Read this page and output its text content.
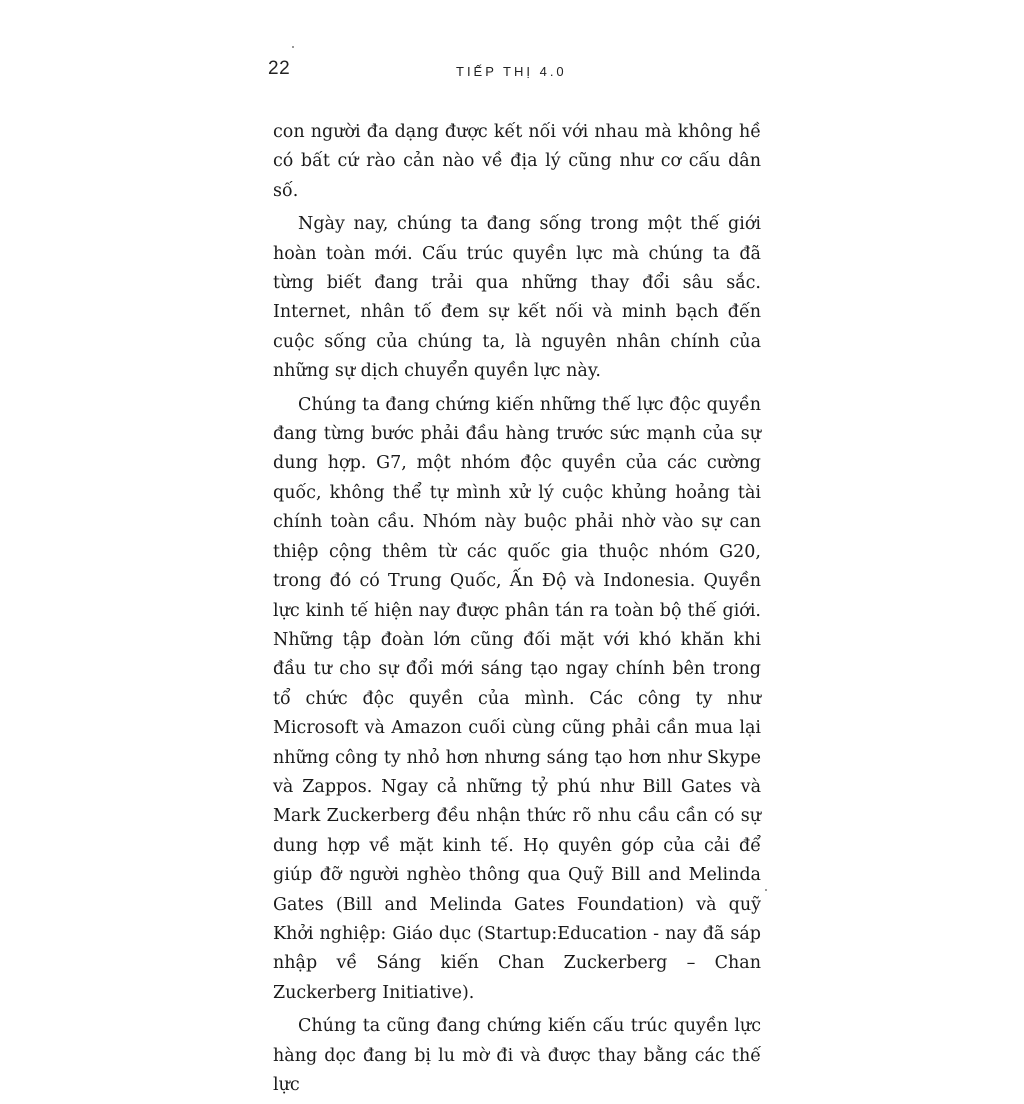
22	TIẾP THỊ 4.0

con người đa dạng được kết nối với nhau mà không hề có bất cứ rào cản nào về địa lý cũng như cơ cấu dân số.

Ngày nay, chúng ta đang sống trong một thế giới hoàn toàn mới. Cấu trúc quyền lực mà chúng ta đã từng biết đang trải qua những thay đổi sâu sắc. Internet, nhân tố đem sự kết nối và minh bạch đến cuộc sống của chúng ta, là nguyên nhân chính của những sự dịch chuyển quyền lực này.

Chúng ta đang chứng kiến những thế lực độc quyền đang từng bước phải đầu hàng trước sức mạnh của sự dung hợp. G7, một nhóm độc quyền của các cường quốc, không thể tự mình xử lý cuộc khủng hoảng tài chính toàn cầu. Nhóm này buộc phải nhờ vào sự can thiệp cộng thêm từ các quốc gia thuộc nhóm G20, trong đó có Trung Quốc, Ấn Độ và Indonesia. Quyền lực kinh tế hiện nay được phân tán ra toàn bộ thế giới. Những tập đoàn lớn cũng đối mặt với khó khăn khi đầu tư cho sự đổi mới sáng tạo ngay chính bên trong tổ chức độc quyền của mình. Các công ty như Microsoft và Amazon cuối cùng cũng phải cần mua lại những công ty nhỏ hơn nhưng sáng tạo hơn như Skype và Zappos. Ngay cả những tỷ phú như Bill Gates và Mark Zuckerberg đều nhận thức rõ nhu cầu cần có sự dung hợp về mặt kinh tế. Họ quyên góp của cải để giúp đỡ người nghèo thông qua Quỹ Bill and Melinda Gates (Bill and Melinda Gates Foundation) và quỹ Khởi nghiệp: Giáo dục (Startup:Education - nay đã sáp nhập về Sáng kiến Chan Zuckerberg – Chan Zuckerberg Initiative).

Chúng ta cũng đang chứng kiến cấu trúc quyền lực hàng dọc đang bị lu mờ đi và được thay bằng các thế lực
